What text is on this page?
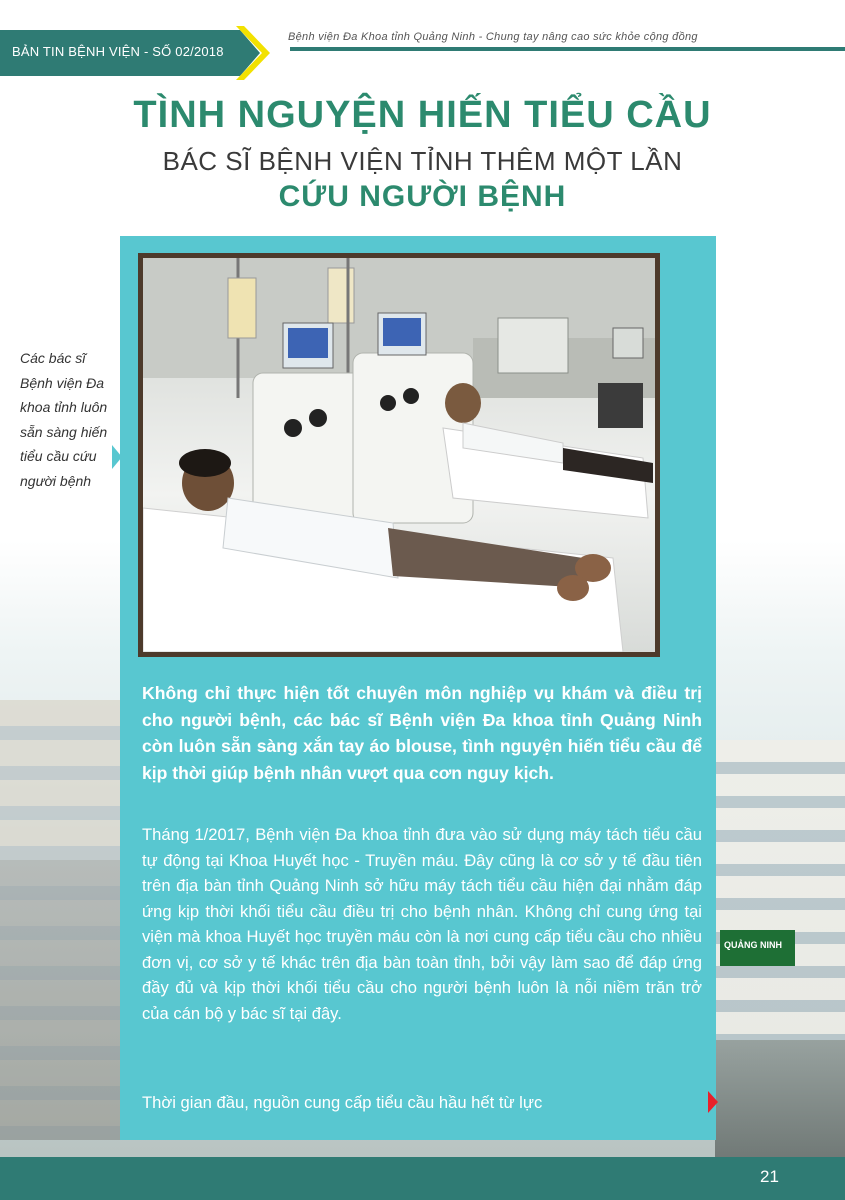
QUẢNG NINH
BẢN TIN BỆNH VIỆN - SỐ 02/2018
Bệnh viện Đa Khoa tỉnh Quảng Ninh - Chung tay nâng cao sức khỏe cộng đồng
TÌNH NGUYỆN HIẾN TIỂU CẦU
BÁC SĨ BỆNH VIỆN TỈNH THÊM MỘT LẦN
CỨU NGƯỜI BỆNH
Các bác sĩ Bệnh viện Đa khoa tỉnh luôn sẵn sàng hiến tiểu cầu cứu người bệnh
Không chỉ thực hiện tốt chuyên môn nghiệp vụ khám và điều trị cho người bệnh, các bác sĩ Bệnh viện Đa khoa tỉnh Quảng Ninh còn luôn sẵn sàng xắn tay áo blouse, tình nguyện hiến tiểu cầu để kịp thời giúp bệnh nhân vượt qua cơn nguy kịch.
Tháng 1/2017, Bệnh viện Đa khoa tỉnh đưa vào sử dụng máy tách tiểu cầu tự động tại Khoa Huyết học - Truyền máu. Đây cũng là cơ sở y tế đầu tiên trên địa bàn tỉnh Quảng Ninh sở hữu máy tách tiểu cầu hiện đại nhằm đáp ứng kịp thời khối tiểu cầu điều trị cho bệnh nhân. Không chỉ cung ứng tại viện mà khoa Huyết học truyền máu còn là nơi cung cấp tiểu cầu cho nhiều đơn vị, cơ sở y tế khác trên địa bàn toàn tỉnh, bởi vậy làm sao để đáp ứng đầy đủ và kịp thời khối tiểu cầu cho người bệnh luôn là nỗi niềm trăn trở của cán bộ y bác sĩ tại đây.
Thời gian đầu, nguồn cung cấp tiểu cầu hầu hết từ lực
21
